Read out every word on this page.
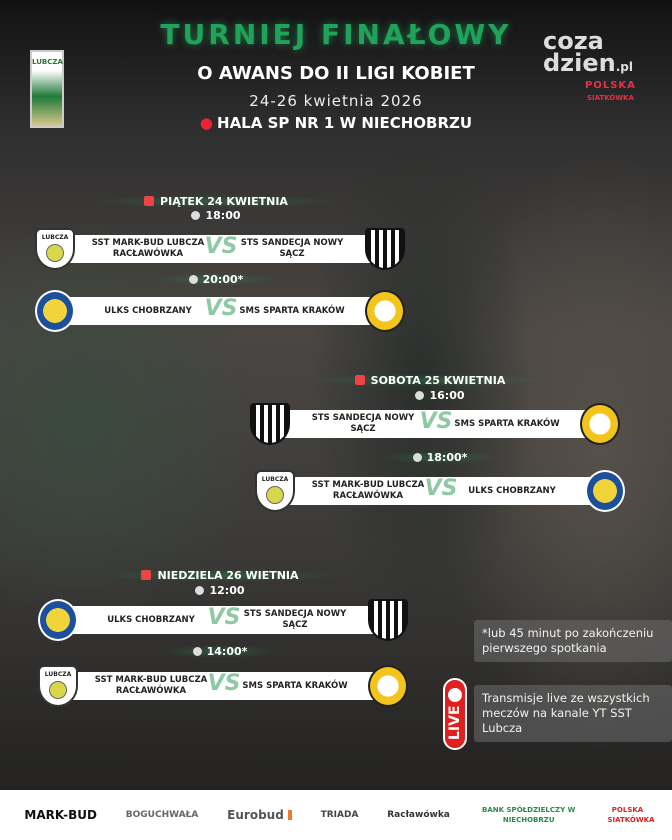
LUBCZA
coza
dzien.pl
POLSKA
SIATKÓWKA
TURNIEJ FINAŁOWY
O AWANS DO II LIGI KOBIET
24-26 kwietnia 2026
● HALA SP NR 1 W NIECHOBRZU
PIĄTEK 24 KWIETNIA
18:00
LUBCZA
SST MARK-BUD LUBCZA RACŁAWÓWKA VS STS SANDECJA NOWY SĄCZ
20:00*
ULKS CHOBRZANY VS SMS SPARTA KRAKÓW
SOBOTA 25 KWIETNIA
16:00
STS SANDECJA NOWY SĄCZ	VS SMS SPARTA KRAKÓW
18:00*
LUBCZA
SST MARK-BUD LUBCZA RACŁAWÓWKA VS	ULKS CHOBRZANY
NIEDZIELA 26 WIETNIA
12:00
ULKS CHOBRZANY VS STS SANDECJA NOWY SĄCZ
14:00*
LUBCZA
SST MARK-BUD LUBCZA RACŁAWÓWKA VS SMS SPARTA KRAKÓW
*lub 45 minut po zakończeniu pierwszego spotkania
Transmisje live ze wszystkich meczów na kanale YT SST Lubcza
LIVE
MARK-BUD	BOGUCHWAŁA Eurobud	TRIADA	Racławówka	BANK SPÓŁDZIELCZY W NIECHOBRZU
POLSKA SIATKÓWKA
